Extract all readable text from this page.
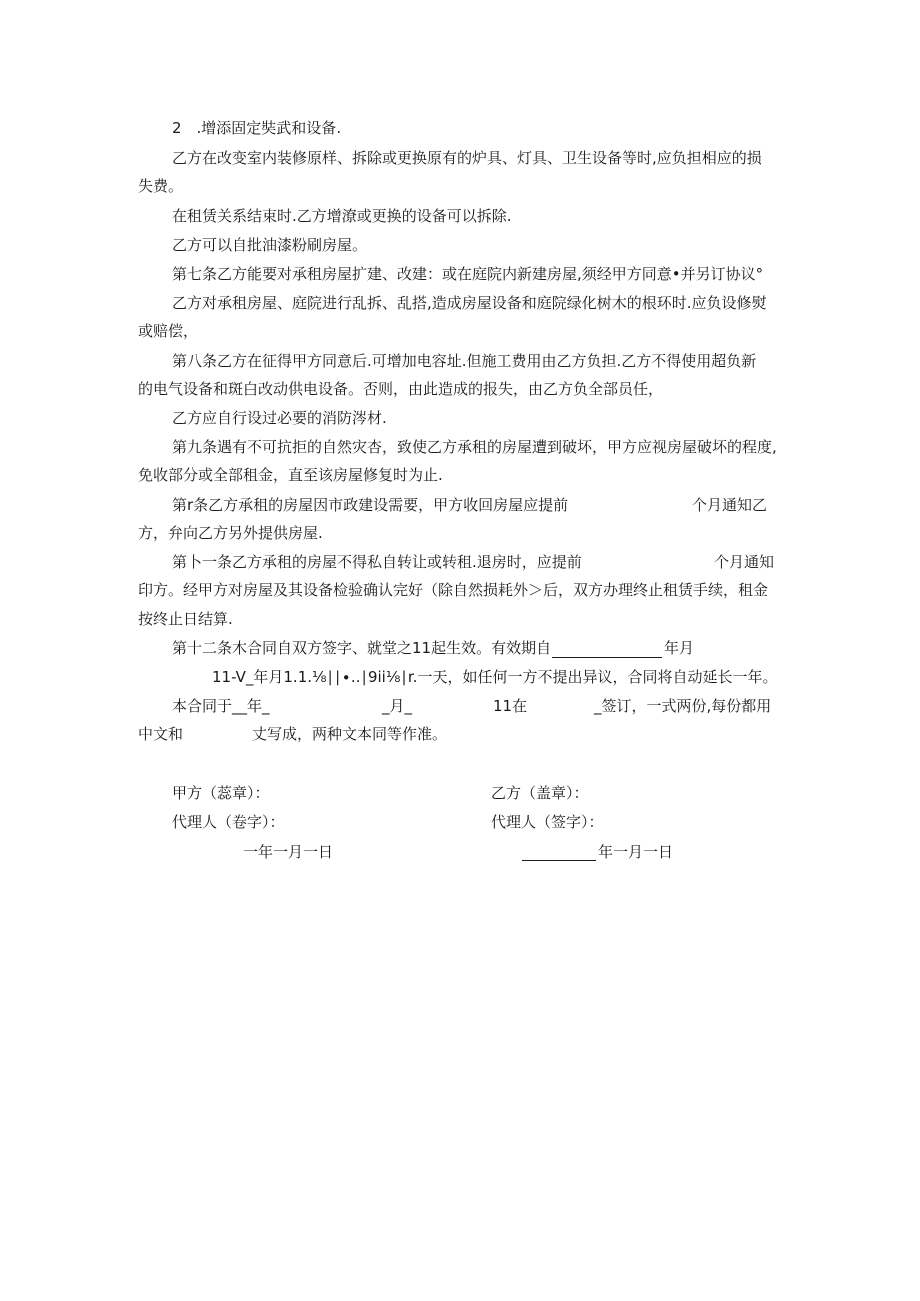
2　.增添固定奘武和设备.
乙方在改变室内装修原样、拆除或更换原有的炉具、灯具、卫生设备等时,应负担相应的损
失费。
在租赁关系结束时.乙方增潦或更换的设备可以拆除.
乙方可以自批油漆粉刷房屋。
第七条乙方能要对承租房屋扩建、改建：或在庭院内新建房屋,须经甲方同意•并另订协议°
乙方对承租房屋、庭院进行乱拆、乱搭,造成房屋设备和庭院绿化树木的根环时.应负设修熨
或赔偿，
第八条乙方在征得甲方同意后.可增加电容址.但施工费用由乙方负担.乙方不得使用超负新
的电气设备和斑白改动供电设备。否则，由此造成的报失，由乙方负全部员任，
乙方应自行设过必要的消防涔材.
第九条遇有不可抗拒的自然灾杏，致使乙方承租的房屋遭到破坏，甲方应视房屋破坏的程度,
免收部分或全部租金，直至该房屋修复时为止.
第r条乙方承租的房屋因市政建设需要，甲方收回房屋应提前	个月通知乙
方，弁向乙方另外提供房屋.
第卜一条乙方承租的房屋不得私自转让或转租.退房时，应提前	个月通知
印方。经甲方对房屋及其设备检验确认完好（除自然损耗外＞后，双方办理终止租赁手续，租金
按终止日结算.
第十二条木合同自双方签字、就堂之11起生效。有效期自	年月
11-V_年月1.1.⅛∣∣∙..∣9ii⅛∣r.一天，如任何一方不提出异议，合同将自动延长一年。
本合同于__年_	_月_	11在	_签订，一式两份,每份都用
中文和	丈写成，两种文本同等作准。
甲方（蕊章）：	乙方（盖章）：
代理人（卷字）：	代理人（签字）：
一年一月一日	年一月一日
